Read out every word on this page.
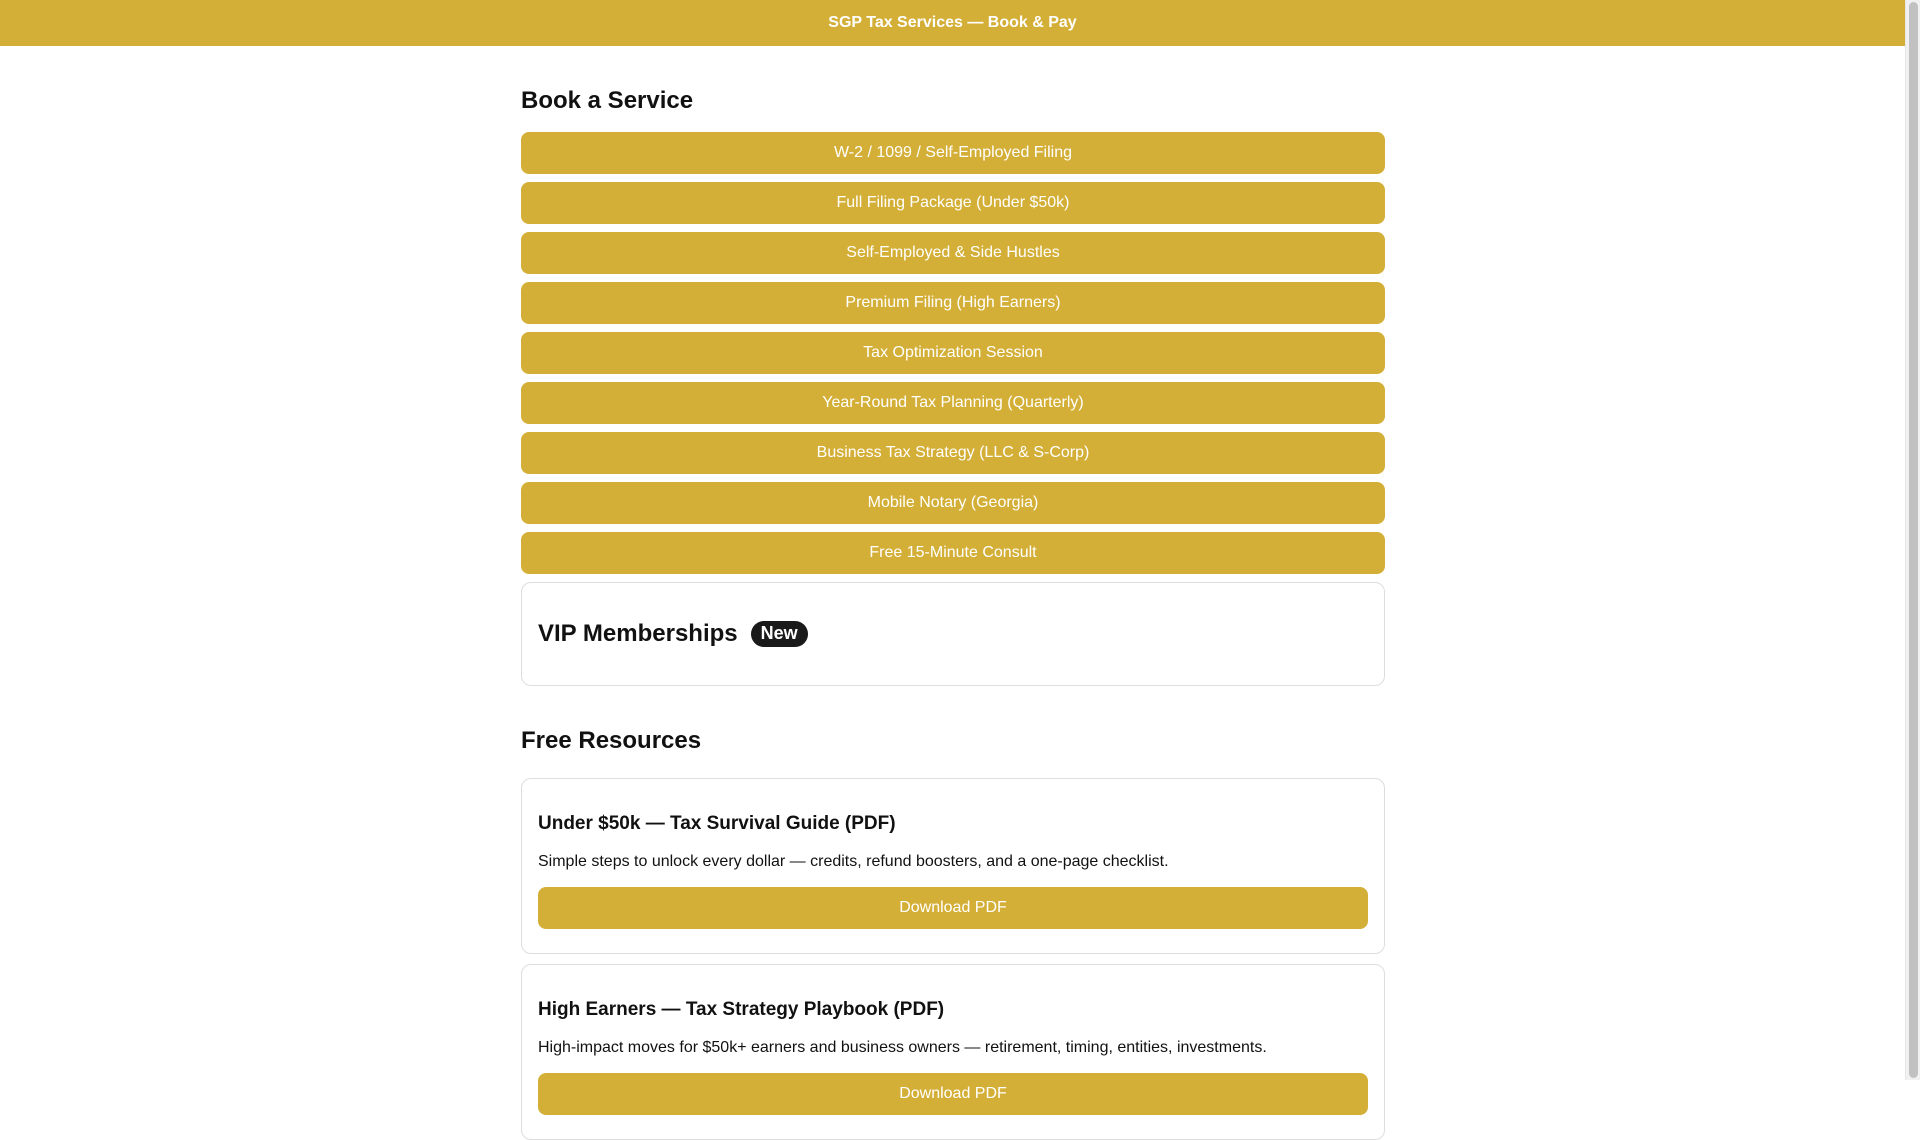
SGP Tax Services — Book & Pay
Book a Service
W-2 / 1099 / Self-Employed Filing
Full Filing Package (Under $50k)
Self-Employed & Side Hustles
Premium Filing (High Earners)
Tax Optimization Session
Year-Round Tax Planning (Quarterly)
Business Tax Strategy (LLC & S-Corp)
Mobile Notary (Georgia)
Free 15-Minute Consult
VIP Memberships	New
Free Resources
Under $50k — Tax Survival Guide (PDF)
Simple steps to unlock every dollar — credits, refund boosters, and a one-page checklist.
Download PDF
High Earners — Tax Strategy Playbook (PDF)
High-impact moves for $50k+ earners and business owners — retirement, timing, entities, investments.
Download PDF
